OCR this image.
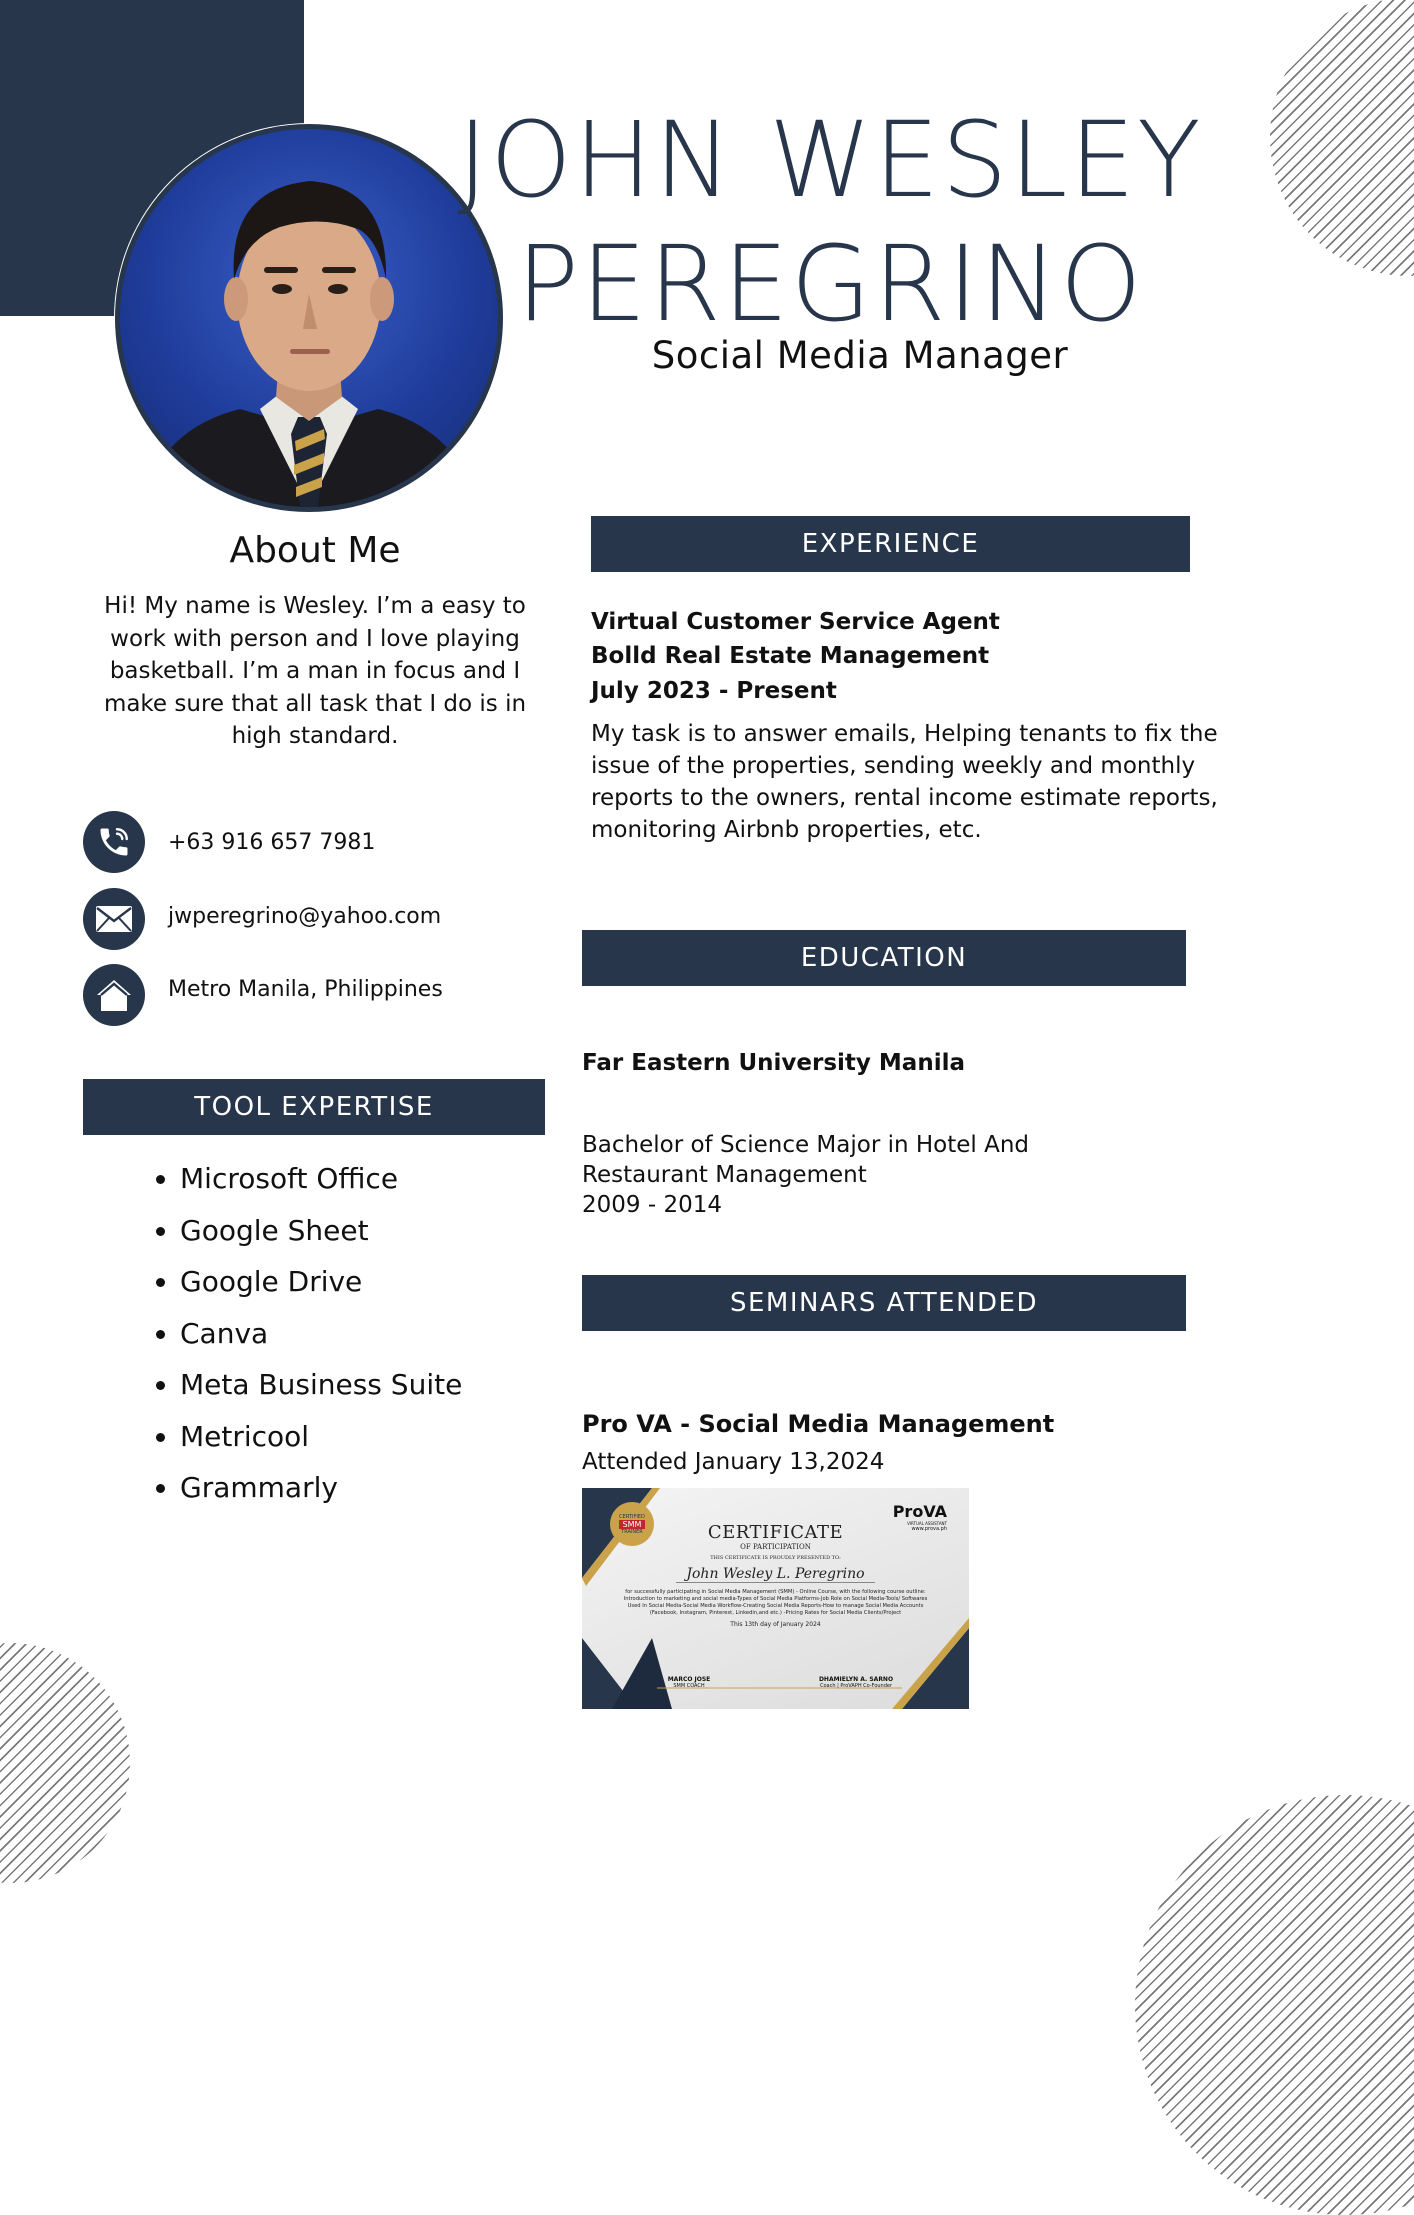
JOHN WESLEY
PEREGRINO
Social Media Manager
About Me
Hi! My name is Wesley. I’m a easy to work with person and I love playing basketball. I’m a man in focus and I make sure that all task that I do is in high standard.
+63 916 657 7981
jwperegrino@yahoo.com
Metro Manila, Philippines
TOOL EXPERTISE
• Microsoft Office
• Google Sheet
• Google Drive
• Canva
• Meta Business Suite
• Metricool
• Grammarly
EXPERIENCE
Virtual Customer Service Agent
Bolld Real Estate Management
July 2023 - Present
My task is to answer emails, Helping tenants to fix the issue of the properties, sending weekly and monthly reports to the owners, rental income estimate reports, monitoring Airbnb properties, etc.
EDUCATION
Far Eastern University Manila
Bachelor of Science Major in Hotel And Restaurant Management
2009 - 2014
SEMINARS ATTENDED
Pro VA - Social Media Management
Attended January 13,2024
CERTIFIED
SMM
TRAINER
ProVA
VIRTUAL ASSISTANT
www.prova.ph
CERTIFICATE
OF PARTICIPATION
THIS CERTIFICATE IS PROUDLY PRESENTED TO:
John Wesley L. Peregrino
for successfully participating in Social Media Management (SMM) - Online Course, with the following course outline: Introduction to marketing and social media-Types of Social Media Platforms-Job Role on Social Media-Tools/ Softwares Used In Social Media-Social Media Workflow-Creating Social Media Reports-How to manage Social Media Accounts (Facebook, Instagram, Pinterest, Linkedin,and etc.) -Pricing Rates for Social Media Clients/Project
This 13th day of January 2024
MARCO JOSE
SMM COACH
DHAMIELYN A. SARNO
Coach | ProVAPH Co-Founder
